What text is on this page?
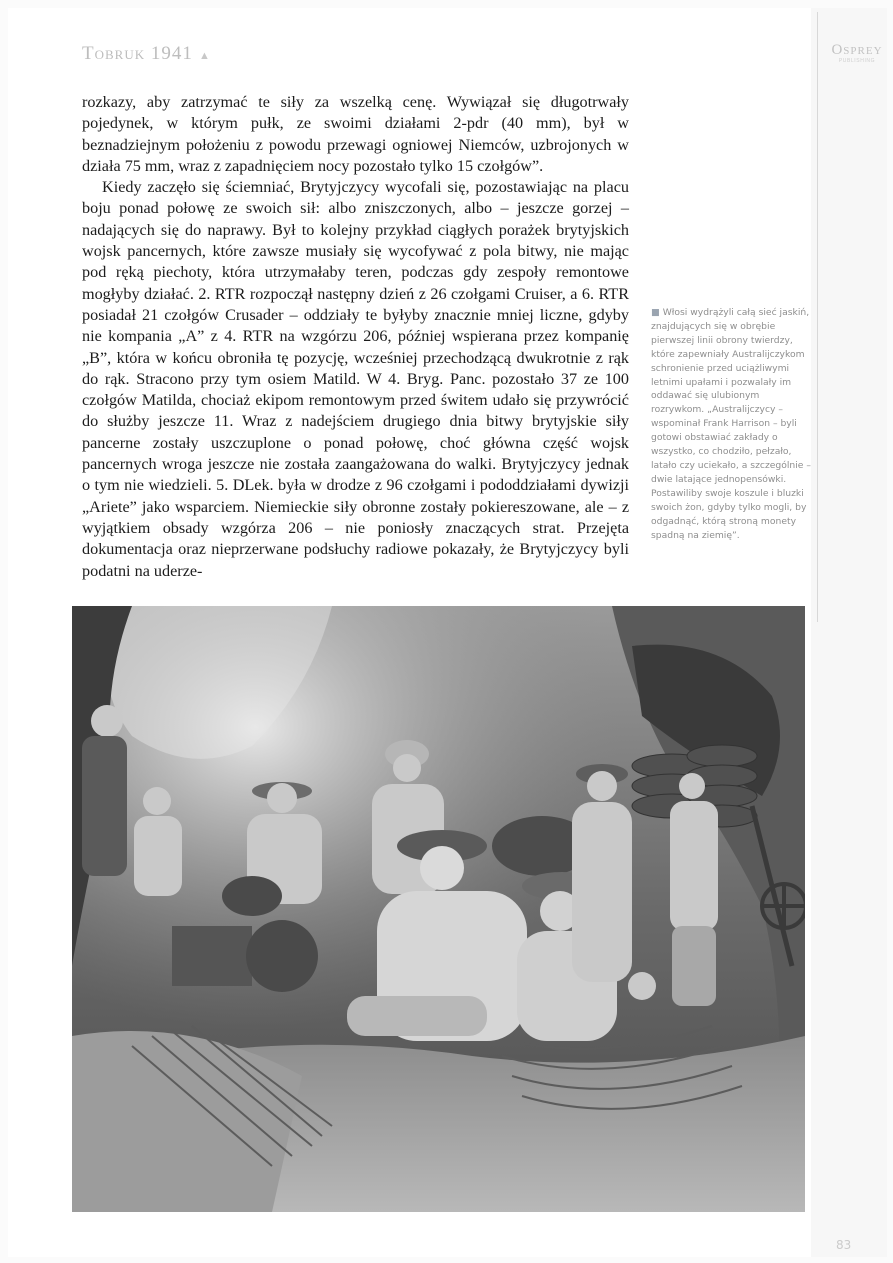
Tobruk 1941 ▲	Osprey
PUBLISHING

rozkazy, aby zatrzymać te siły za wszelką cenę. Wywiązał się długotrwały pojedynek, w którym pułk, ze swoimi działami 2-pdr (40 mm), był w beznadziejnym położeniu z powodu przewagi ogniowej Niemców, uzbrojonych w działa 75 mm, wraz z zapadnięciem nocy pozostało tylko 15 czołgów”.

Kiedy zaczęło się ściemniać, Brytyjczycy wycofali się, pozostawiając na placu boju ponad połowę ze swoich sił: albo zniszczonych, albo – jeszcze gorzej – nadających się do naprawy. Był to kolejny przykład ciągłych porażek brytyjskich wojsk pancernych, które zawsze musiały się wycofywać z pola bitwy, nie mając pod ręką piechoty, która utrzymałaby teren, podczas gdy zespoły remontowe mogłyby działać. 2. RTR rozpoczął następny dzień z 26 czołgami Cruiser, a 6. RTR posiadał 21 czołgów Crusader – oddziały te byłyby znacznie mniej liczne, gdyby nie kompania „A” z 4. RTR na wzgórzu 206, później wspierana przez kompanię „B”, która w końcu obroniła tę pozycję, wcześniej przechodzącą dwukrotnie z rąk do rąk. Stracono przy tym osiem Matild. W 4. Bryg. Panc. pozostało 37 ze 100 czołgów Matilda, chociaż ekipom remontowym przed świtem udało się przywrócić do służby jeszcze 11. Wraz z nadejściem drugiego dnia bitwy brytyjskie siły pancerne zostały uszczuplone o ponad połowę, choć główna część wojsk pancernych wroga jeszcze nie została zaangażowana do walki. Brytyjczycy jednak o tym nie wiedzieli. 5. DLek. była w drodze z 96 czołgami i pododdziałami dywizji „Ariete” jako wsparciem. Niemieckie siły obronne zostały pokiereszowane, ale – z wyjątkiem obsady wzgórza 206 – nie poniosły znaczących strat. Przejęta dokumentacja oraz nieprzerwane podsłuchy radiowe pokazały, że Brytyjczycy byli podatni na uderze-

■ Włosi wydrążyli całą sieć jaskiń, znajdujących się w obrębie pierwszej linii obrony twierdzy, które zapewniały Australijczykom schronienie przed uciążliwymi letnimi upałami i pozwalały im oddawać się ulubionym rozrywkom. „Australijczycy – wspominał Frank Harrison – byli gotowi obstawiać zakłady o wszystko, co chodziło, pełzało, latało czy uciekało, a szczególnie – dwie latające jednopensówki. Postawiliby swoje koszule i bluzki swoich żon, gdyby tylko mogli, by odgadnąć, którą stroną monety spadną na ziemię”.
83
